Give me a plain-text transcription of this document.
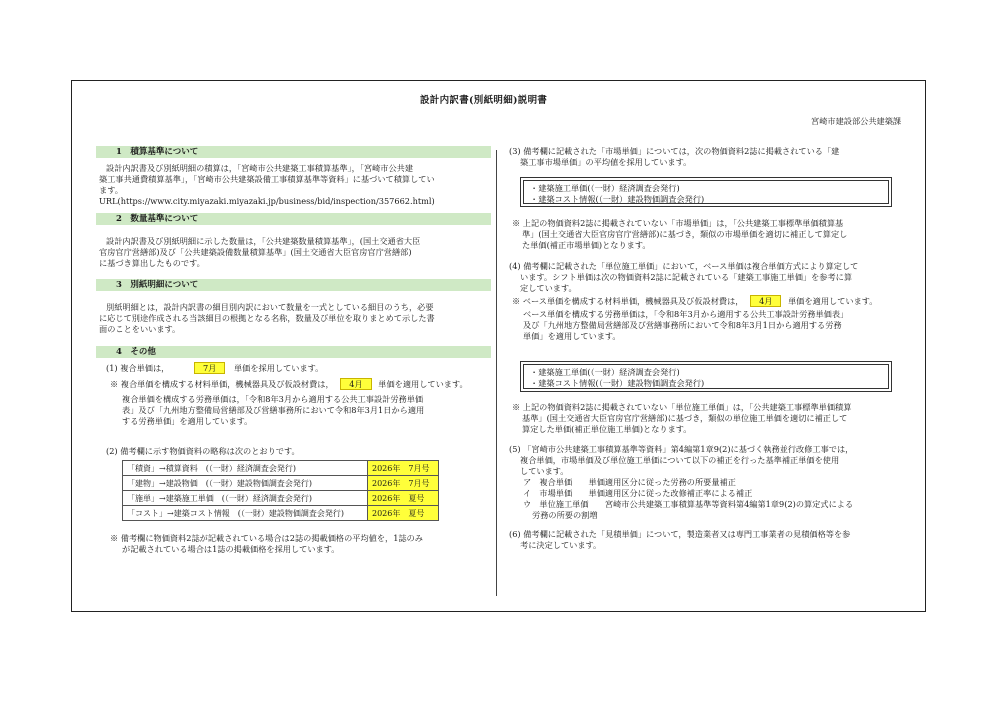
設計内訳書(別紙明細)説明書
宮崎市建設部公共建築課
1　積算基準について
設計内訳書及び別紙明細の積算は，「宮崎市公共建築工事積算基準」，「宮崎市公共建
築工事共通費積算基準」，「宮崎市公共建築設備工事積算基準等資料」に基づいて積算してい
ます。
URL(https://www.city.miyazaki.miyazaki.jp/business/bid/inspection/357662.html)
2　数量基準について
設計内訳書及び別紙明細に示した数量は，「公共建築数量積算基準」，(国土交通省大臣
官房官庁営繕部)及び「公共建築設備数量積算基準」(国土交通省大臣官房官庁営繕部)
に基づき算出したものです。
3　別紙明細について
別紙明細とは，設計内訳書の細目別内訳において数量を一式としている細目のうち，必要
に応じて別途作成される当該細目の根拠となる名称，数量及び単位を取りまとめて示した書
面のことをいいます。
4　その他
(1) 複合単価は，	7月 単価を採用しています。
※ 複合単価を構成する材料単価，機械器具及び仮設材費は， 4月 単価を適用しています。
複合単価を構成する労務単価は，「令和8年3月から適用する公共工事設計労務単価
表」及び「九州地方整備局営繕部及び営繕事務所において令和8年3月1日から適用
する労務単価」を適用しています。
(2) 備考欄に示す物価資料の略称は次のとおりです。
「積資」→積算資料　(（一財）経済調査会発行)	2026年　7月号
「建物」→建設物価　(（一財）建設物価調査会発行)	2026年　7月号
「施単」→建築施工単価　(（一財）経済調査会発行)	2026年　夏号
「コスト」→建築コスト情報　(（一財）建設物価調査会発行)	2026年　夏号
※ 備考欄に物価資料2誌が記載されている場合は2誌の掲載価格の平均値を，1誌のみ
が記載されている場合は1誌の掲載価格を採用しています。
(3) 備考欄に記載された「市場単価」については，次の物価資料2誌に掲載されている「建
築工事市場単価」の平均値を採用しています。
・建築施工単価(（一財）経済調査会発行)
・建築コスト情報(（一財）建設物価調査会発行)
※ 上記の物価資料2誌に掲載されていない「市場単価」は，「公共建築工事標準単価積算基
準」(国土交通省大臣官房官庁営繕部)に基づき，類似の市場単価を適切に補正して算定し
た単価(補正市場単価)となります。
(4) 備考欄に記載された「単位施工単価」において，ベース単価は複合単価方式により算定して
います。シフト単価は次の物価資料2誌に記載されている「建築工事施工単価」を参考に算
定しています。
※ ベース単価を構成する材料単価，機械器具及び仮設材費は， 4月 単価を適用しています。
ベース単価を構成する労務単価は，「令和8年3月から適用する公共工事設計労務単価表」
及び「九州地方整備局営繕部及び営繕事務所において令和8年3月1日から適用する労務
単価」を適用しています。
・建築施工単価(（一財）経済調査会発行)
・建築コスト情報(（一財）建設物価調査会発行)
※ 上記の物価資料2誌に掲載されていない「単位施工単価」は，「公共建築工事標準単価積算
基準」(国土交通省大臣官房官庁営繕部)に基づき，類似の単位施工単価を適切に補正して
算定した単価(補正単位施工単価)となります。
(5) 「宮崎市公共建築工事積算基準等資料」第4編第1章9(2)に基づく執務並行改修工事では，
複合単価，市場単価及び単位施工単価について以下の補正を行った基準補正単価を使用
しています。
ア　複合単価　　単価適用区分に従った労務の所要量補正
イ　市場単価　　単価適用区分に従った改修補正率による補正
ウ　単位施工単価　　宮崎市公共建築工事積算基準等資料第4編第1章9(2)の算定式による
労務の所要の割増
(6) 備考欄に記載された「見積単価」について，製造業者又は専門工事業者の見積価格等を参
考に決定しています。
